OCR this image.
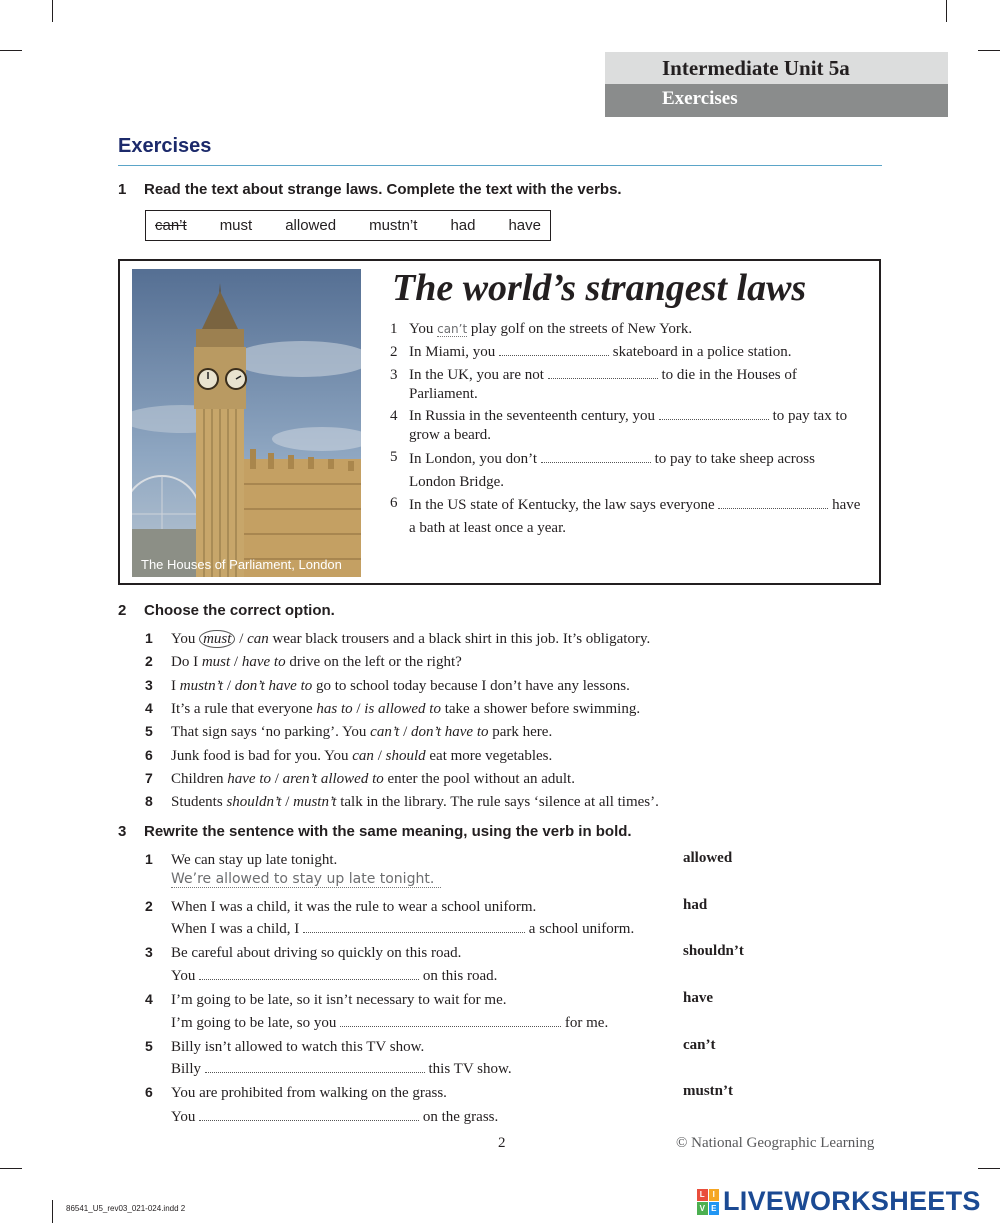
Intermediate Unit 5a
Exercises
Exercises
1 Read the text about strange laws. Complete the text with the verbs.
can’t must allowed mustn’t had have
The Houses of Parliament, London
The world’s strangest laws
1 You can’t play golf on the streets of New York.
2 In Miami, you	skateboard in a police station.
3 In the UK, you are not	to die in the Houses of Parliament.
4 In Russia in the seventeenth century, you	to pay tax to grow a beard.
5 In London, you don’t	to pay to take sheep across London Bridge.
6 In the US state of Kentucky, the law says everyone	have a bath at least once a year.
2 Choose the correct option.
1 You must / can wear black trousers and a black shirt in this job. It’s obligatory.
2 Do I must / have to drive on the left or the right?
3 I mustn’t / don’t have to go to school today because I don’t have any lessons.
4 It’s a rule that everyone has to / is allowed to take a shower before swimming.
5 That sign says ‘no parking’. You can’t / don’t have to park here.
6 Junk food is bad for you. You can / should eat more vegetables.
7 Children have to / aren’t allowed to enter the pool without an adult.
8 Students shouldn’t / mustn’t talk in the library. The rule says ‘silence at all times’.
3 Rewrite the sentence with the same meaning, using the verb in bold.
1 We can stay up late tonight.	allowed
We’re allowed to stay up late tonight.
2 When I was a child, it was the rule to wear a school uniform.	had
When I was a child, I	a school uniform.
3 Be careful about driving so quickly on this road.	shouldn’t
You	on this road.
4 I’m going to be late, so it isn’t necessary to wait for me.	have
I’m going to be late, so you	for me.
5 Billy isn’t allowed to watch this TV show.	can’t
Billy	this TV show.
6 You are prohibited from walking on the grass.	mustn’t
You	on the grass.
2	© National Geographic Learning
86541_U5_rev03_021-024.indd 2
L I
V E LIVEWORKSHEETS
